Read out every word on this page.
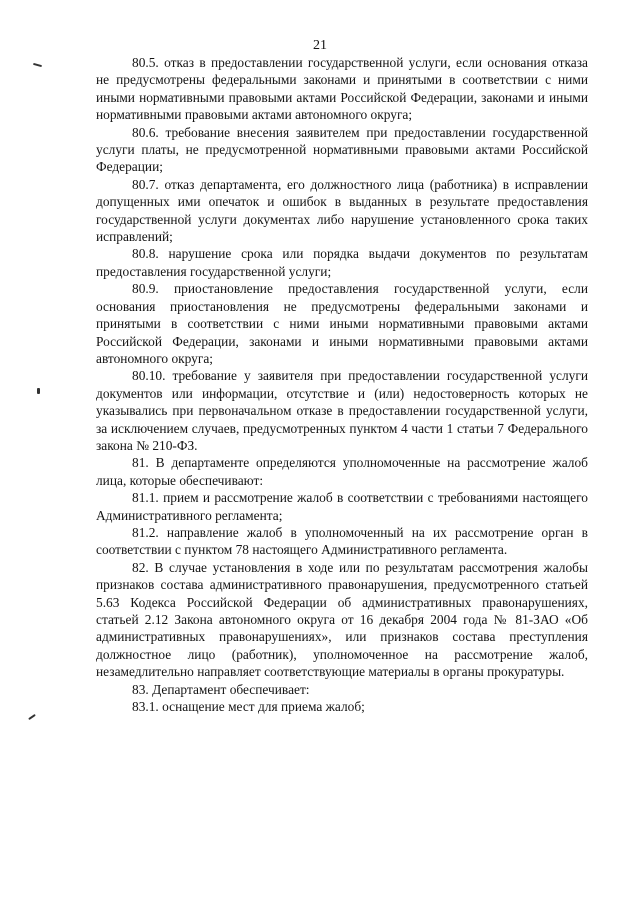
21

80.5. отказ в предоставлении государственной услуги, если основания отказа не предусмотрены федеральными законами и принятыми в соответствии с ними иными нормативными правовыми актами Российской Федерации, законами и иными нормативными правовыми актами автономного округа;

80.6. требование внесения заявителем при предоставлении государственной услуги платы, не предусмотренной нормативными правовыми актами Российской Федерации;

80.7. отказ департамента, его должностного лица (работника) в исправлении допущенных ими опечаток и ошибок в выданных в результате предоставления государственной услуги документах либо нарушение установленного срока таких исправлений;

80.8. нарушение срока или порядка выдачи документов по результатам предоставления государственной услуги;

80.9. приостановление предоставления государственной услуги, если основания приостановления не предусмотрены федеральными законами и принятыми в соответствии с ними иными нормативными правовыми актами Российской Федерации, законами и иными нормативными правовыми актами автономного округа;

80.10. требование у заявителя при предоставлении государственной услуги документов или информации, отсутствие и (или) недостоверность которых не указывались при первоначальном отказе в предоставлении государственной услуги, за исключением случаев, предусмотренных пунктом 4 части 1 статьи 7 Федерального закона № 210-ФЗ.

81. В департаменте определяются уполномоченные на рассмотрение жалоб лица, которые обеспечивают:

81.1. прием и рассмотрение жалоб в соответствии с требованиями настоящего Административного регламента;

81.2. направление жалоб в уполномоченный на их рассмотрение орган в соответствии с пунктом 78 настоящего Административного регламента.

82. В случае установления в ходе или по результатам рассмотрения жалобы признаков состава административного правонарушения, предусмотренного статьей 5.63 Кодекса Российской Федерации об административных правонарушениях, статьей 2.12 Закона автономного округа от 16 декабря 2004 года № 81-ЗАО «Об административных правонарушениях», или признаков состава преступления должностное лицо (работник), уполномоченное на рассмотрение жалоб, незамедлительно направляет соответствующие материалы в органы прокуратуры.

83. Департамент обеспечивает:

83.1. оснащение мест для приема жалоб;
